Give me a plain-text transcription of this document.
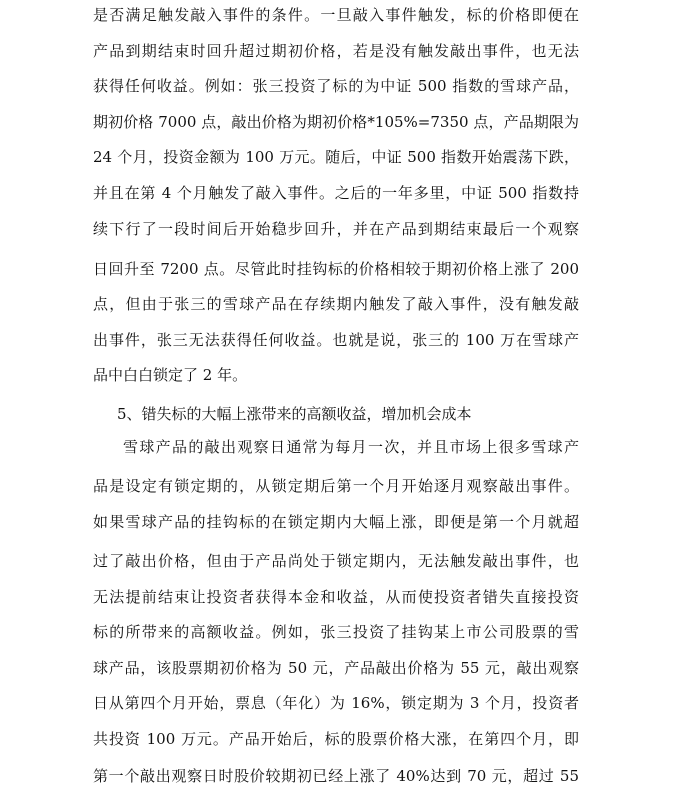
是否满足触发敲入事件的条件。一旦敲入事件触发，标的价格即便在
产品到期结束时回升超过期初价格，若是没有触发敲出事件，也无法
获得任何收益。例如：张三投资了标的为中证 500 指数的雪球产品，
期初价格 7000 点，敲出价格为期初价格*105%=7350 点，产品期限为
24 个月，投资金额为 100 万元。随后，中证 500 指数开始震荡下跌，
并且在第 4 个月触发了敲入事件。之后的一年多里，中证 500 指数持
续下行了一段时间后开始稳步回升，并在产品到期结束最后一个观察
日回升至 7200 点。尽管此时挂钩标的价格相较于期初价格上涨了 200
点，但由于张三的雪球产品在存续期内触发了敲入事件，没有触发敲
出事件，张三无法获得任何收益。也就是说，张三的 100 万在雪球产
品中白白锁定了 2 年。
5、错失标的大幅上涨带来的高额收益，增加机会成本
雪球产品的敲出观察日通常为每月一次，并且市场上很多雪球产
品是设定有锁定期的，从锁定期后第一个月开始逐月观察敲出事件。
如果雪球产品的挂钩标的在锁定期内大幅上涨，即便是第一个月就超
过了敲出价格，但由于产品尚处于锁定期内，无法触发敲出事件，也
无法提前结束让投资者获得本金和收益，从而使投资者错失直接投资
标的所带来的高额收益。例如，张三投资了挂钩某上市公司股票的雪
球产品，该股票期初价格为 50 元，产品敲出价格为 55 元，敲出观察
日从第四个月开始，票息（年化）为 16%，锁定期为 3 个月，投资者
共投资 100 万元。产品开始后，标的股票价格大涨，在第四个月，即
第一个敲出观察日时股价较期初已经上涨了 40%达到 70 元，超过 55
